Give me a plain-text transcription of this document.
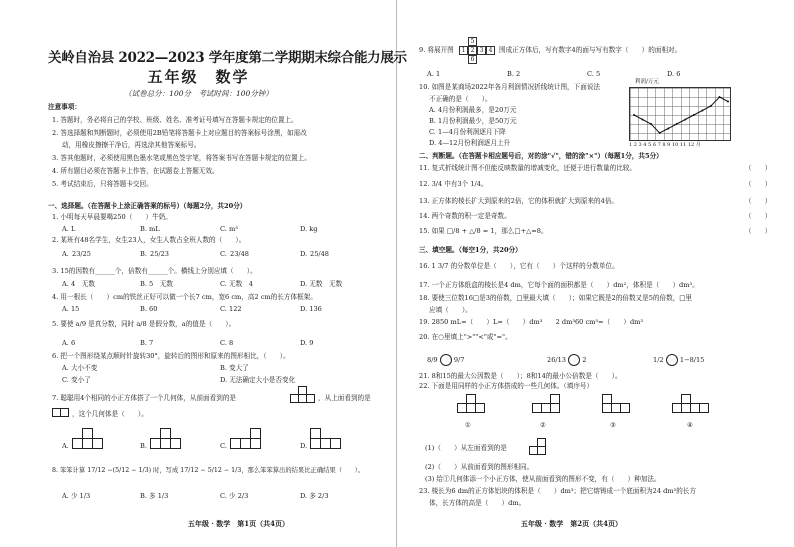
关岭自治县 2022—2023 学年度第二学期期末综合能力展示
五年级　数学
（试卷总分：100分　考试时间：100分钟）
注意事项：
1. 答题时，务必将自己的学校、班级、姓名、准考证号填写在答题卡规定的位置上。
2. 答选择题和判断题时，必须使用2B铅笔将答题卡上对应题目的答案标号涂黑，如需改
动，用橡皮擦擦干净后，再选涂其他答案标号。
3. 答其他题时，必须使用黑色墨水笔或黑色签字笔，将答案书写在答题卡规定的位置上。
4. 所有题目必须在答题卡上作答，在试题卷上答题无效。
5. 考试结束后，只将答题卡交回。
一、选择题。（在答题卡上涂正确答案的标号）（每题2分，共20分）
1. 小明每天早晨要喝250（　　）牛奶。
A. L	B. mL	C. m³	D. kg
2. 某班有48名学生，女生23人，女生人数占全班人数的（　　）。
A. 23/25	B. 25/23	C. 23/48	D. 25/48
3. 15的因数有______个，倍数有______个。横线上分别应填（　　）。
A. 4　无数	B. 5　无数	C. 无数　4	D. 无数　无数
4. 用一根长（　　）cm的铁丝正好可以做一个长7 cm，宽6 cm，高2 cm的长方体框架。
A. 15	B. 60	C. 122	D. 136
5. 要使 a/9 是真分数，同时 a/8 是假分数，a的值是（　　）。
A. 6	B. 7	C. 8	D. 9
6. 把一个图形绕某点顺时针旋转30°，旋转后的图形和原来的图形相比，（　　）。
A. 大小不变	B. 变大了
C. 变小了	D. 无法确定大小是否变化
7. 聪聪用4个相同的小正方体搭了一个几何体，从前面看到的是	，从上面看到的是
，这个几何体是（　　）。
A.	B.	C.	D.
8. 笨笨计算 17/12 −(5/12 − 1/3) 时，写成 17/12 − 5/12 − 1/3，那么笨笨算出的结果比正确结果（　　）。
A. 少 1/3	B. 多 1/3	C. 少 2/3	D. 多 2/3
五年级 · 数学　第1页（共4页）
9. 将展开图
5
1 2 3 4
6
围成正方体后，写有数字4的面与写有数字（　　）的面相对。
A. 1	B. 2	C. 5	D. 6
10. 如图是某商场2022年各月利润情况折线统计图，下面说法
不正确的是（　　）。
A. 4月份利润最多，是20万元
B. 1月份利润最少，是50万元
C. 1—4月份利润逐月下降
D. 4—12月份利润逐月上升
利润/万元
1 2 3 4 5 6 7 8 9 10 11 12 月
二、判断题。（在答题卡相应题号后，对的涂"√"，错的涂"×"）（每题1分，共5分）
11. 复式折线统计图不但能反映数量的增减变化，还便于进行数量的比较。
12. 3/4 中有3个 1/4。
13. 正方体的棱长扩大到原来的2倍，它的体积就扩大到原来的4倍。
14. 两个奇数的积一定是奇数。
15. 如果 □/8 + △/8 = 1，那么□+△=8。
（　　）
（　　）
（　　）
（　　）
（　　）
三、填空题。（每空1分，共20分）
16. 1 3/7 的分数单位是（　　），它有（　　）个这样的分数单位。
17. 一个正方体纸盒的棱长是4 dm，它每个面的面积都是（　　）dm²，体积是（　　）dm³。
18. 要使三位数16□是3的倍数，□里最大填（　　）；如果它既是2的倍数又是5的倍数，□里
应填（　　）。
19. 2850 mL=（　　）L=（　　）dm³　　2 dm³60 cm³=（　　）dm³
20. 在○里填上">""<"或"="。
8/9 9/7	26/13 2	1/2 1−8/15
21. 8和15的最大公因数是（　　）；8和14的最小公倍数是（　　）。
22. 下面是用同样的小正方体搭成的一些几何体。（填序号）
①	②	③	④
(1)（　　）从左面看到的是
(2)（　　）从前面看到的图形相同。
(3) 给①几何体添一个小正方体，使从前面看到的图形不变，有（　　）种加法。
23. 棱长为6 dm的正方体铝块的体积是（　　）dm³；把它熔铸成一个底面积为24 dm²的长方
体，长方体的高是（　　）dm。
五年级 · 数学　第2页（共4页）
